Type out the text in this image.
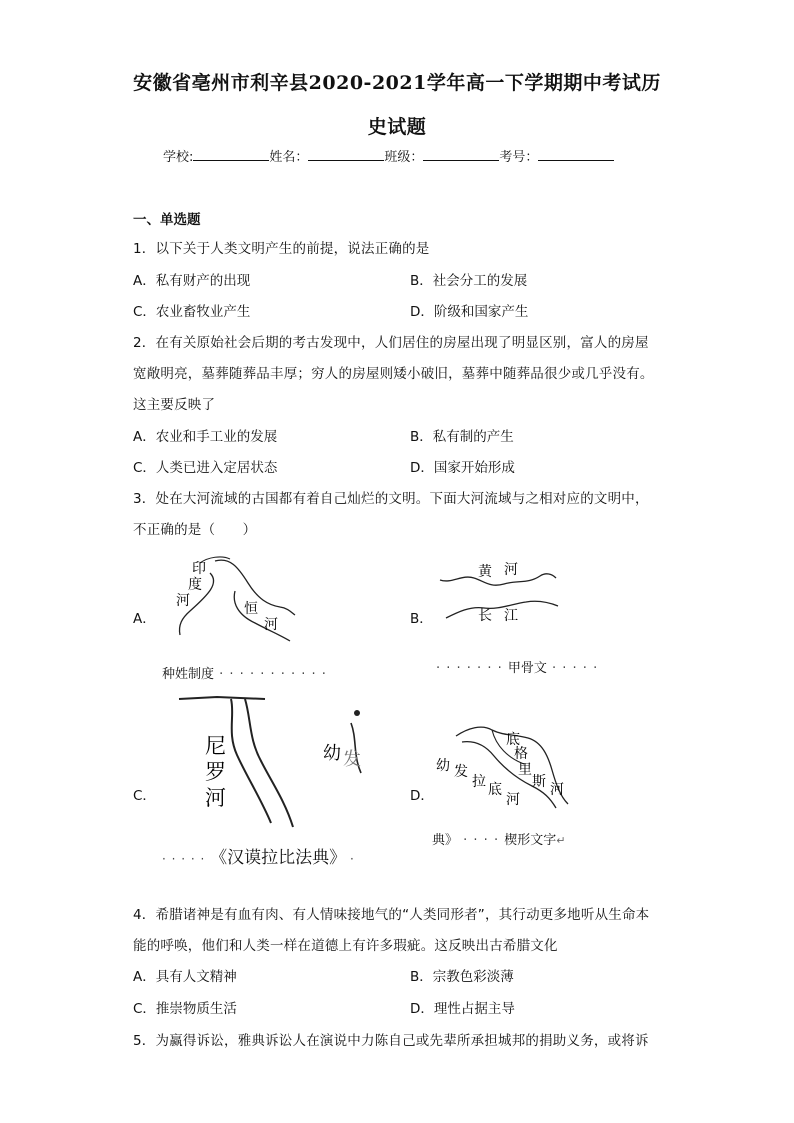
安徽省亳州市利辛县2020-2021学年高一下学期期中考试历
史试题
学校:	姓名：	班级：	考号：
一、单选题
1．以下关于人类文明产生的前提，说法正确的是
A．私有财产的出现	B．社会分工的发展
C．农业畜牧业产生	D．阶级和国家产生
2．在有关原始社会后期的考古发现中，人们居住的房屋出现了明显区别，富人的房屋
宽敞明亮，墓葬随葬品丰厚；穷人的房屋则矮小破旧，墓葬中随葬品很少或几乎没有。
这主要反映了
A．农业和手工业的发展	B．私有制的产生
C．人类已进入定居状态	D．国家开始形成
3．处在大河流域的古国都有着自己灿烂的文明。下面大河流域与之相对应的文明中，
不正确的是（　　）
A．
印
度
河	恒
河
种姓制度 · · · · · · · · · · ·
B．
黄 河
长 江
· · · · · · · 甲骨文 · · · · ·
C．
尼
罗
河
幼 发
· · · · · 《汉谟拉比法典》 ·
D．
底
格
里
斯 河
幼 发
拉 底
河
典》 · · · · 楔形文字↵
4．希腊诸神是有血有肉、有人情味接地气的“人类同形者”，其行动更多地听从生命本
能的呼唤，他们和人类一样在道德上有许多瑕疵。这反映出古希腊文化
A．具有人文精神	B．宗教色彩淡薄
C．推崇物质生活	D．理性占据主导
5．为赢得诉讼，雅典诉讼人在演说中力陈自己或先辈所承担城邦的捐助义务，或将诉
